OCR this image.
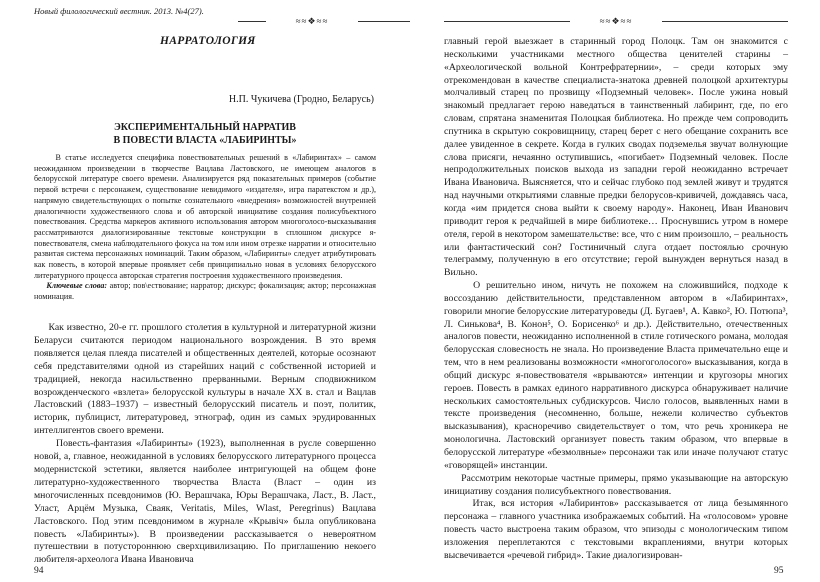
Новый филологический вестник. 2013. №4(27).
≈≈❖≈≈
НАРРАТОЛОГИЯ
Н.П. Чукичева (Гродно, Беларусь)
ЭКСПЕРИМЕНТАЛЬНЫЙ НАРРАТИВ
В ПОВЕСТИ ВЛАСТА «ЛАБИРИНТЫ»
В статье исследуется специфика повествовательных решений в «Лабиринтах» – самом неожиданном произведении в творчестве Вацлава Ластовского, не имеющем аналогов в белорусской литературе своего времени. Анализируется ряд показательных примеров (событие первой встречи с персонажем, существование невидимого «издателя», игра паратекстом и др.), напрямую свидетельствующих о попытке сознательного «внедрения» возможностей внутренней диалогичности художественного слова и об авторской инициативе создания полисубъектного повествования. Средства маркеров активного использования автором многоголосо-высказывания рассматриваются диалогизированные текстовые конструкции в сплошном дискурсе я-повествователя, смена наблюдательного фокуса на том или ином отрезке нарратии и относительно развитая система персонажных номинаций. Таким образом, «Лабиринты» следует атрибутировать как повесть, в которой впервые проявляет себя принципиально новая в условиях белорусского литературного процесса авторская стратегия построения художественного произведения.
Ключевые слова: автор; пов\ествование; нарратор; дискурс; фокализация; актор; персонажная номинация.
Как известно, 20-е гг. прошлого столетия в культурной и литературной жизни Беларуси считаются периодом национального возрождения. В это время появляется целая плеяда писателей и общественных деятелей, которые осознают себя представителями одной из старейших наций с собственной историей и традицией, некогда насильственно прерванными. Верным сподвижником возрожденческого «взлета» белорусской культуры в начале XX в. стал и Вацлав Ластовский (1883–1937) – известный белорусский писатель и поэт, политик, историк, публицист, литературовед, этнограф, один из самых эрудированных интеллигентов своего времени.
Повесть-фантазия «Лабиринты» (1923), выполненная в русле совершенно новой, а, главное, неожиданной в условиях белорусского литературного процесса модернистской эстетики, является наиболее интригующей на общем фоне литературно-художественного творчества Власта (Власт – один из многочисленных псевдонимов (Ю. Верашчака, Юры Верашчака, Ласт., В. Ласт., Уласт, Арцём Музыка, Сваяк, Veritatis, Miles, Wlast, Peregrinus) Вацлава Ластовского. Под этим псевдонимом в журнале «Крывiч» была опубликована повесть «Лабиринты»). В произведении рассказывается о невероятном путешествии в потустороннюю сверхцивилизацию. По приглашению некоего любителя-археолога Ивана Ивановича
94
≈≈❖≈≈
главный герой выезжает в старинный город Полоцк. Там он знакомится с несколькими участниками местного общества ценителей старины – «Археологической вольной Контрефратернии», – среди которых эму отрекомендован в качестве специалиста-знатока древней полоцкой архитектуры молчаливый старец по прозвищу «Подземный человек». После ужина новый знакомый предлагает герою наведаться в таинственный лабиринт, где, по его словам, спрятана знаменитая Полоцкая библиотека. Но прежде чем сопроводить спутника в скрытую сокровищницу, старец берет с него обещание сохранить все далее увиденное в секрете. Когда в гулких сводах подземелья звучат волнующие слова присяги, нечаянно оступившись, «погибает» Подземный человек. После непродолжительных поисков выхода из западни герой неожиданно встречает Ивана Ивановича. Выясняется, что и сейчас глубоко под землей живут и трудятся над научными открытиями славные предки белорусов-кривичей, дождавясь часа, когда «им придется снова выйти к своему народу». Наконец, Иван Иванович приводит героя к редчайшей в мире библиотеке… Проснувшись утром в номере отеля, герой в некотором замешательстве: все, что с ним произошло, – реальность или фантастический сон? Гостиничный слуга отдает постоялью срочную телеграмму, полученную в его отсутствие; герой вынужден вернуться назад в Вильно.
О решительно ином, ничуть не похожем на сложившийся, подходе к воссозданию действительности, представленном автором в «Лабиринтах», говорили многие белорусские литературоведы (Д. Бугаев¹, А. Кавко², Ю. Потюпа³, Л. Синькова⁴, В. Конон⁵, О. Борисенко⁶ и др.). Действительно, отечественных аналогов повести, неожиданно исполненной в стиле готического романа, молодая белорусская словесность не знала. Но произведение Власта примечательно еще и тем, что в нем реализованы возможности «многоголосого» высказывания, когда в общий дискурс я-повествователя «врываются» интенции и кругозоры многих героев. Повесть в рамках единого нарративного дискурса обнаруживает наличие нескольких самостоятельных субдискурсов. Число голосов, выявленных нами в тексте произведения (несомненно, больше, нежели количество субъектов высказывания), красноречиво свидетельствует о том, что речь хроникера не монологична. Ластовский организует повесть таким образом, что впервые в белорусской литературе «безмолвные» персонажи так или иначе получают статус «говорящей» инстанции.
Рассмотрим некоторые частные примеры, прямо указывающие на авторскую инициативу создания полисубъектного повествования.
Итак, вся история «Лабиринтов» рассказывается от лица безымянного персонажа – главного участника изображаемых событий. На «голосовом» уровне повесть часто выстроена таким образом, что эпизоды с монологическим типом изложения переплетаются с текстовыми вкраплениями, внутри которых высвечивается «речевой гибрид». Такие диалогизирован-
95
